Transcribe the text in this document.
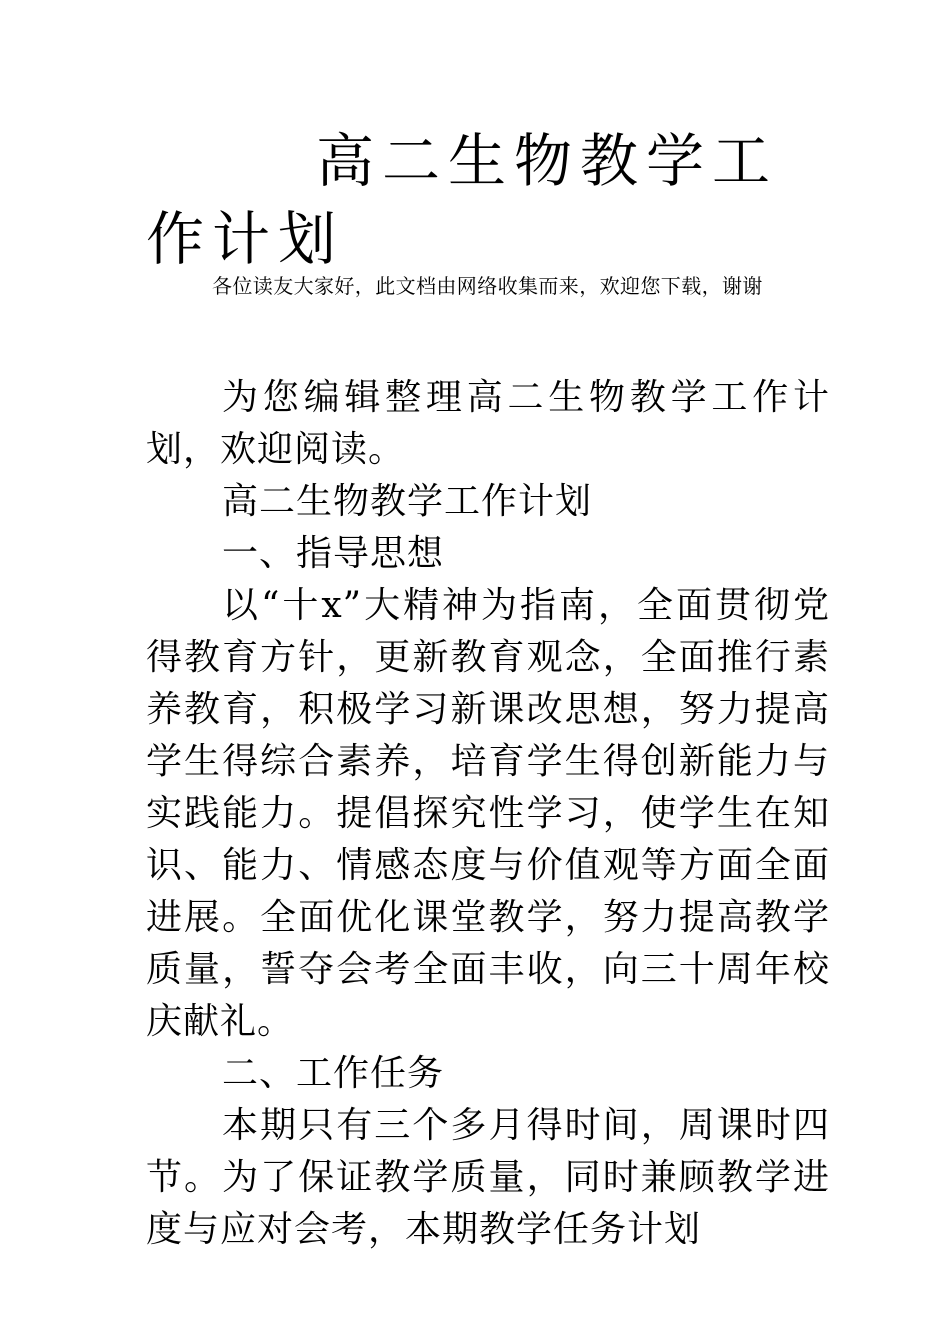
高二生物教学工作计划

各位读友大家好，此文档由网络收集而来，欢迎您下载，谢谢

为您编辑整理高二生物教学工作计划，欢迎阅读。

高二生物教学工作计划

一、指导思想

以“十x”大精神为指南，全面贯彻党得教育方针，更新教育观念，全面推行素养教育，积极学习新课改思想，努力提高学生得综合素养，培育学生得创新能力与实践能力。提倡探究性学习，使学生在知识、能力、情感态度与价值观等方面全面进展。全面优化课堂教学，努力提高教学质量，誓夺会考全面丰收，向三十周年校庆献礼。

二、工作任务

本期只有三个多月得时间，周课时四节。为了保证教学质量，同时兼顾教学进度与应对会考，本期教学任务计划
